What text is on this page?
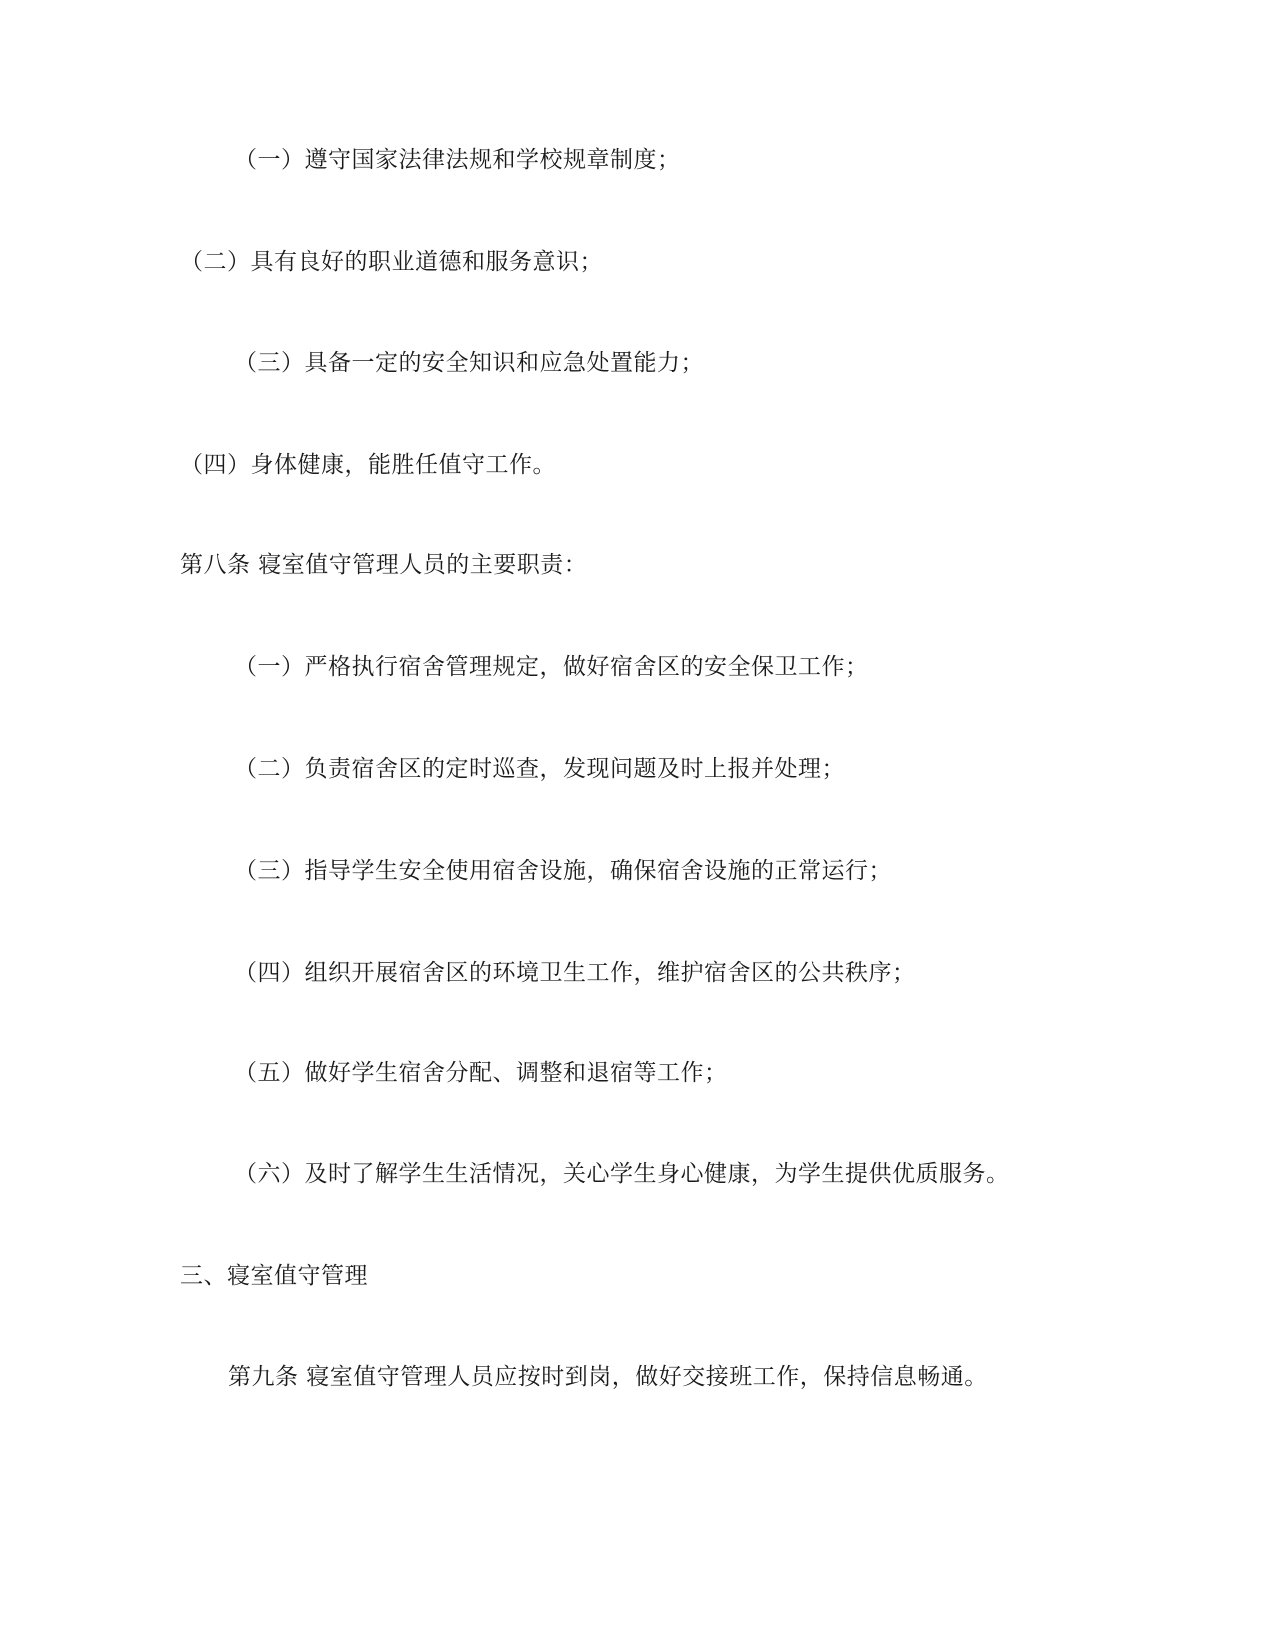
（一）遵守国家法律法规和学校规章制度；
（二）具有良好的职业道德和服务意识；
（三）具备一定的安全知识和应急处置能力；
（四）身体健康，能胜任值守工作。
第八条 寝室值守管理人员的主要职责：
（一）严格执行宿舍管理规定，做好宿舍区的安全保卫工作；
（二）负责宿舍区的定时巡查，发现问题及时上报并处理；
（三）指导学生安全使用宿舍设施，确保宿舍设施的正常运行；
（四）组织开展宿舍区的环境卫生工作，维护宿舍区的公共秩序；
（五）做好学生宿舍分配、调整和退宿等工作；
（六）及时了解学生生活情况，关心学生身心健康，为学生提供优质服务。
三、寝室值守管理
第九条 寝室值守管理人员应按时到岗，做好交接班工作，保持信息畅通。
